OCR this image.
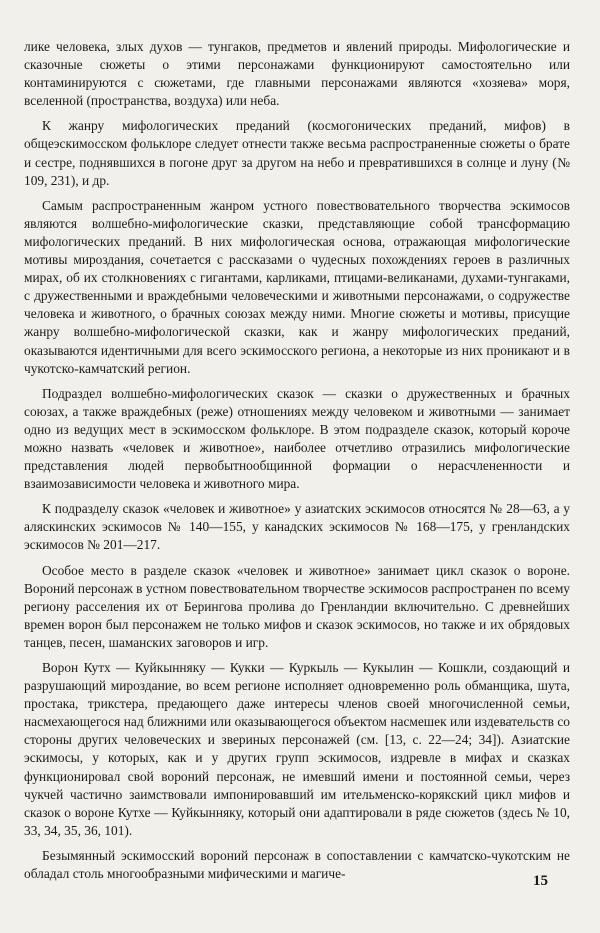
лике человека, злых духов — тунгаков, предметов и явлений природы. Мифологические и сказочные сюжеты о этими персонажами функционируют самостоятельно или контаминируются с сюжетами, где главными персонажами являются «хозяева» моря, вселенной (пространства, воздуха) или неба.

К жанру мифологических преданий (космогонических преданий, мифов) в общеэскимосском фольклоре следует отнести также весьма распространенные сюжеты о брате и сестре, поднявшихся в погоне друг за другом на небо и превратившихся в солнце и луну (№ 109, 231), и др.

Самым распространенным жанром устного повествовательного творчества эскимосов являются волшебно-мифологические сказки, представляющие собой трансформацию мифологических преданий. В них мифологическая основа, отражающая мифологические мотивы мироздания, сочетается с рассказами о чудесных похождениях героев в различных мирах, об их столкновениях с гигантами, карликами, птицами-великанами, духами-тунгаками, с дружественными и враждебными человеческими и животными персонажами, о содружестве человека и животного, о брачных союзах между ними. Многие сюжеты и мотивы, присущие жанру волшебно-мифологической сказки, как и жанру мифологических преданий, оказываются идентичными для всего эскимосского региона, а некоторые из них проникают и в чукотско-камчатский регион.

Подраздел волшебно-мифологических сказок — сказки о дружественных и брачных союзах, а также враждебных (реже) отношениях между человеком и животными — занимает одно из ведущих мест в эскимосском фольклоре. В этом подразделе сказок, который короче можно назвать «человек и животное», наиболее отчетливо отразились мифологические представления людей первобытнообщинной формации о нерасчлененности и взаимозависимости человека и животного мира.

К подразделу сказок «человек и животное» у азиатских эскимосов относятся № 28—63, а у аляскинских эскимосов № 140—155, у канадских эскимосов № 168—175, у гренландских эскимосов № 201—217.

Особое место в разделе сказок «человек и животное» занимает цикл сказок о вороне. Вороний персонаж в устном повествовательном творчестве эскимосов распространен по всему региону расселения их от Берингова пролива до Гренландии включительно. С древнейших времен ворон был персонажем не только мифов и сказок эскимосов, но также и их обрядовых танцев, песен, шаманских заговоров и игр.

Ворон Кутх — Куйкынняку — Кукки — Куркыль — Кукылин — Кошкли, создающий и разрушающий мироздание, во всем регионе исполняет одновременно роль обманщика, шута, простака, трикстера, предающего даже интересы членов своей многочисленной семьи, насмехающегося над ближними или оказывающегося объектом насмешек или издевательств со стороны других человеческих и звериных персонажей (см. [13, с. 22—24; 34]). Азиатские эскимосы, у которых, как и у других групп эскимосов, издревле в мифах и сказках функционировал свой вороний персонаж, не имевший имени и постоянной семьи, через чукчей частично заимствовали импонировавший им ительменско-корякский цикл мифов и сказок о вороне Кутхе — Куйкынняку, который они адаптировали в ряде сюжетов (здесь № 10, 33, 34, 35, 36, 101).

Безымянный эскимосский вороний персонаж в сопоставлении с камчатско-чукотским не обладал столь многообразными мифическими и магиче-	15
